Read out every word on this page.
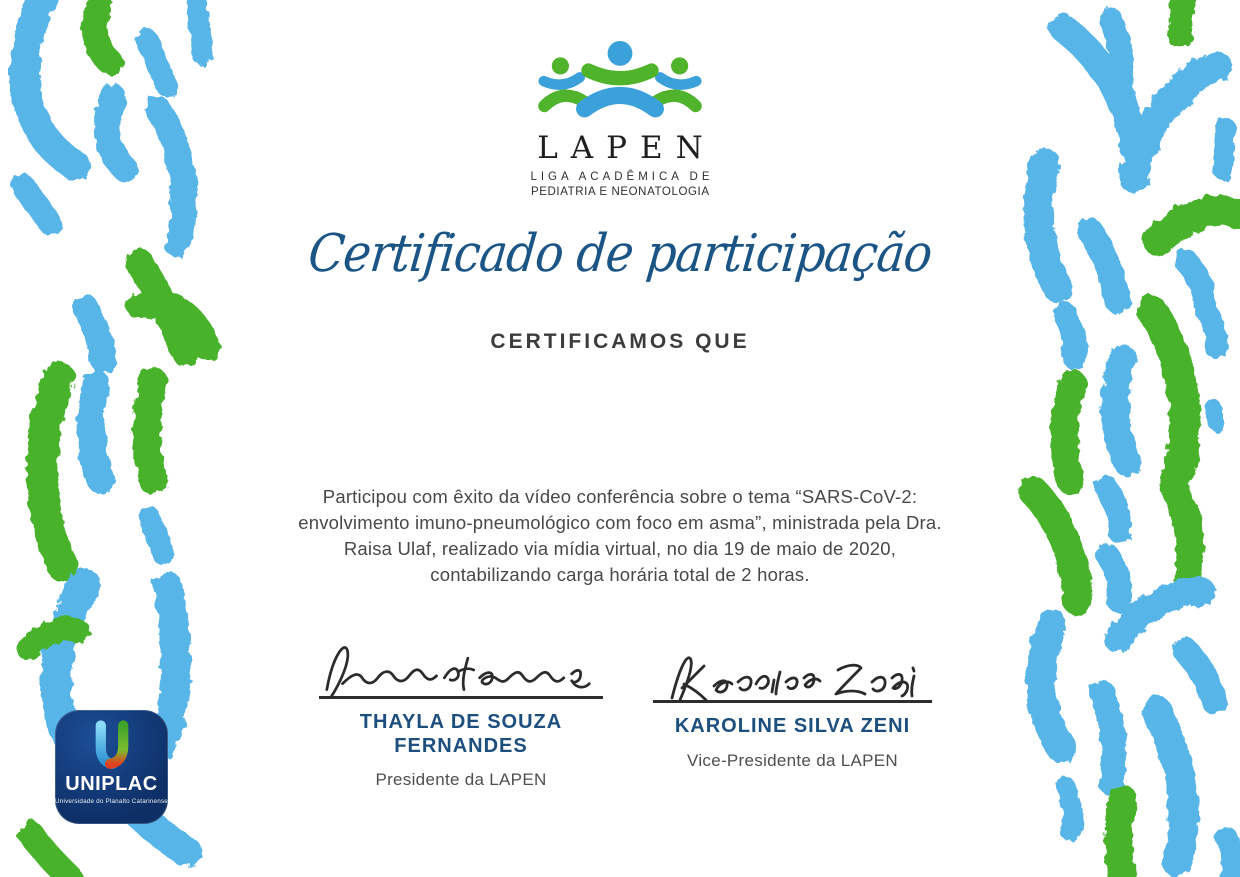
LAPEN
LIGA ACADÊMICA DE
PEDIATRIA E NEONATOLOGIA
Certificado de participação
CERTIFICAMOS QUE
Participou com êxito da vídeo conferência sobre o tema “SARS-CoV-2:
envolvimento imuno-pneumológico com foco em asma”, ministrada pela Dra.
Raisa Ulaf, realizado via mídia virtual, no dia 19 de maio de 2020,
contabilizando carga horária total de 2 horas.
THAYLA DE SOUZA
FERNANDES
Presidente da LAPEN
KAROLINE SILVA ZENI
Vice-Presidente da LAPEN
UNIPLAC
Universidade do Planalto Catarinense
